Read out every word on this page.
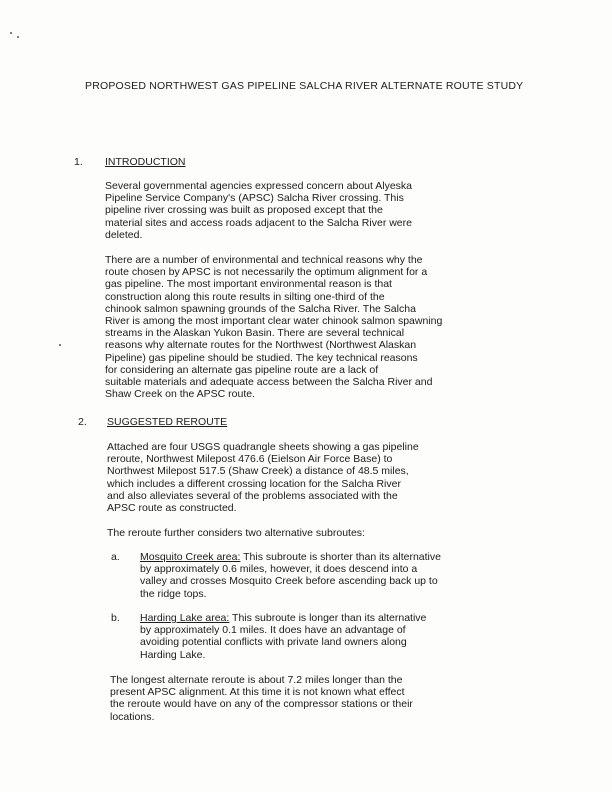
PROPOSED NORTHWEST GAS PIPELINE SALCHA RIVER ALTERNATE ROUTE STUDY
1. INTRODUCTION

Several governmental agencies expressed concern about Alyeska
Pipeline Service Company's (APSC) Salcha River crossing. This
pipeline river crossing was built as proposed except that the
material sites and access roads adjacent to the Salcha River were
deleted.

There are a number of environmental and technical reasons why the
route chosen by APSC is not necessarily the optimum alignment for a
gas pipeline. The most important environmental reason is that
construction along this route results in silting one-third of the
chinook salmon spawning grounds of the Salcha River. The Salcha
River is among the most important clear water chinook salmon spawning
streams in the Alaskan Yukon Basin. There are several technical
reasons why alternate routes for the Northwest (Northwest Alaskan
Pipeline) gas pipeline should be studied. The key technical reasons
for considering an alternate gas pipeline route are a lack of
suitable materials and adequate access between the Salcha River and
Shaw Creek on the APSC route.

2. SUGGESTED REROUTE

Attached are four USGS quadrangle sheets showing a gas pipeline
reroute, Northwest Milepost 476.6 (Eielson Air Force Base) to
Northwest Milepost 517.5 (Shaw Creek) a distance of 48.5 miles,
which includes a different crossing location for the Salcha River
and also alleviates several of the problems associated with the
APSC route as constructed.

The reroute further considers two alternative subroutes:

a. Mosquito Creek area: This subroute is shorter than its alternative
by approximately 0.6 miles, however, it does descend into a
valley and crosses Mosquito Creek before ascending back up to
the ridge tops.

b. Harding Lake area: This subroute is longer than its alternative
by approximately 0.1 miles. It does have an advantage of
avoiding potential conflicts with private land owners along
Harding Lake.

The longest alternate reroute is about 7.2 miles longer than the
present APSC alignment. At this time it is not known what effect
the reroute would have on any of the compressor stations or their
locations.
